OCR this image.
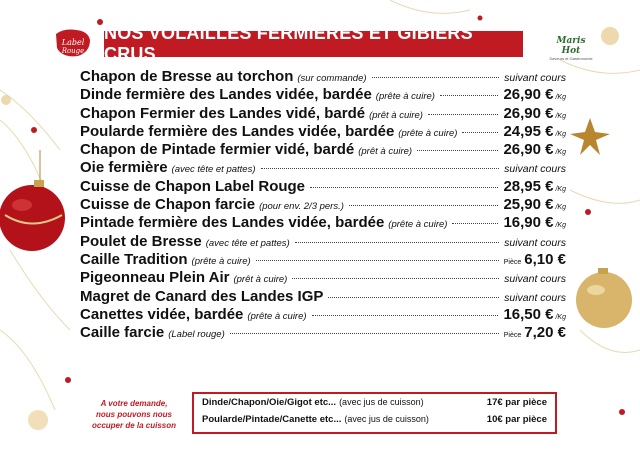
Label
Rouge
NOS VOLAILLES FERMIÈRES ET GIBIERS CRUS
Maris Hot
Saveurs et Gastronomie
Chapon de Bresse au torchon (sur commande)	suivant cours
Dinde fermière des Landes vidée, bardée (prête à cuire)	26,90 € /Kg
Chapon Fermier des Landes vidé, bardé (prêt à cuire)	26,90 € /Kg
Poularde fermière des Landes vidée, bardée (prête à cuire)	24,95 € /Kg
Chapon de Pintade fermier vidé, bardé (prêt à cuire)	26,90 € /Kg
Oie fermière (avec tête et pattes)	suivant cours
Cuisse de Chapon Label Rouge	28,95 € /Kg
Cuisse de Chapon farcie (pour env. 2/3 pers.)	25,90 € /Kg
Pintade fermière des Landes vidée, bardée (prête à cuire)	16,90 € /Kg
Poulet de Bresse (avec tête et pattes)	suivant cours
Caille Tradition (prête à cuire)	Pièce 6,10 €
Pigeonneau Plein Air (prêt à cuire)	suivant cours
Magret de Canard des Landes IGP	suivant cours
Canettes vidée, bardée (prête à cuire)	16,50 € /Kg
Caille farcie (Label rouge)	Pièce 7,20 €
A votre demande,
nous pouvons nous
occuper de la cuisson
Dinde/Chapon/Oie/Gigot etc... (avec jus de cuisson)	17€ par pièce
Poularde/Pintade/Canette etc... (avec jus de cuisson)	10€ par pièce
